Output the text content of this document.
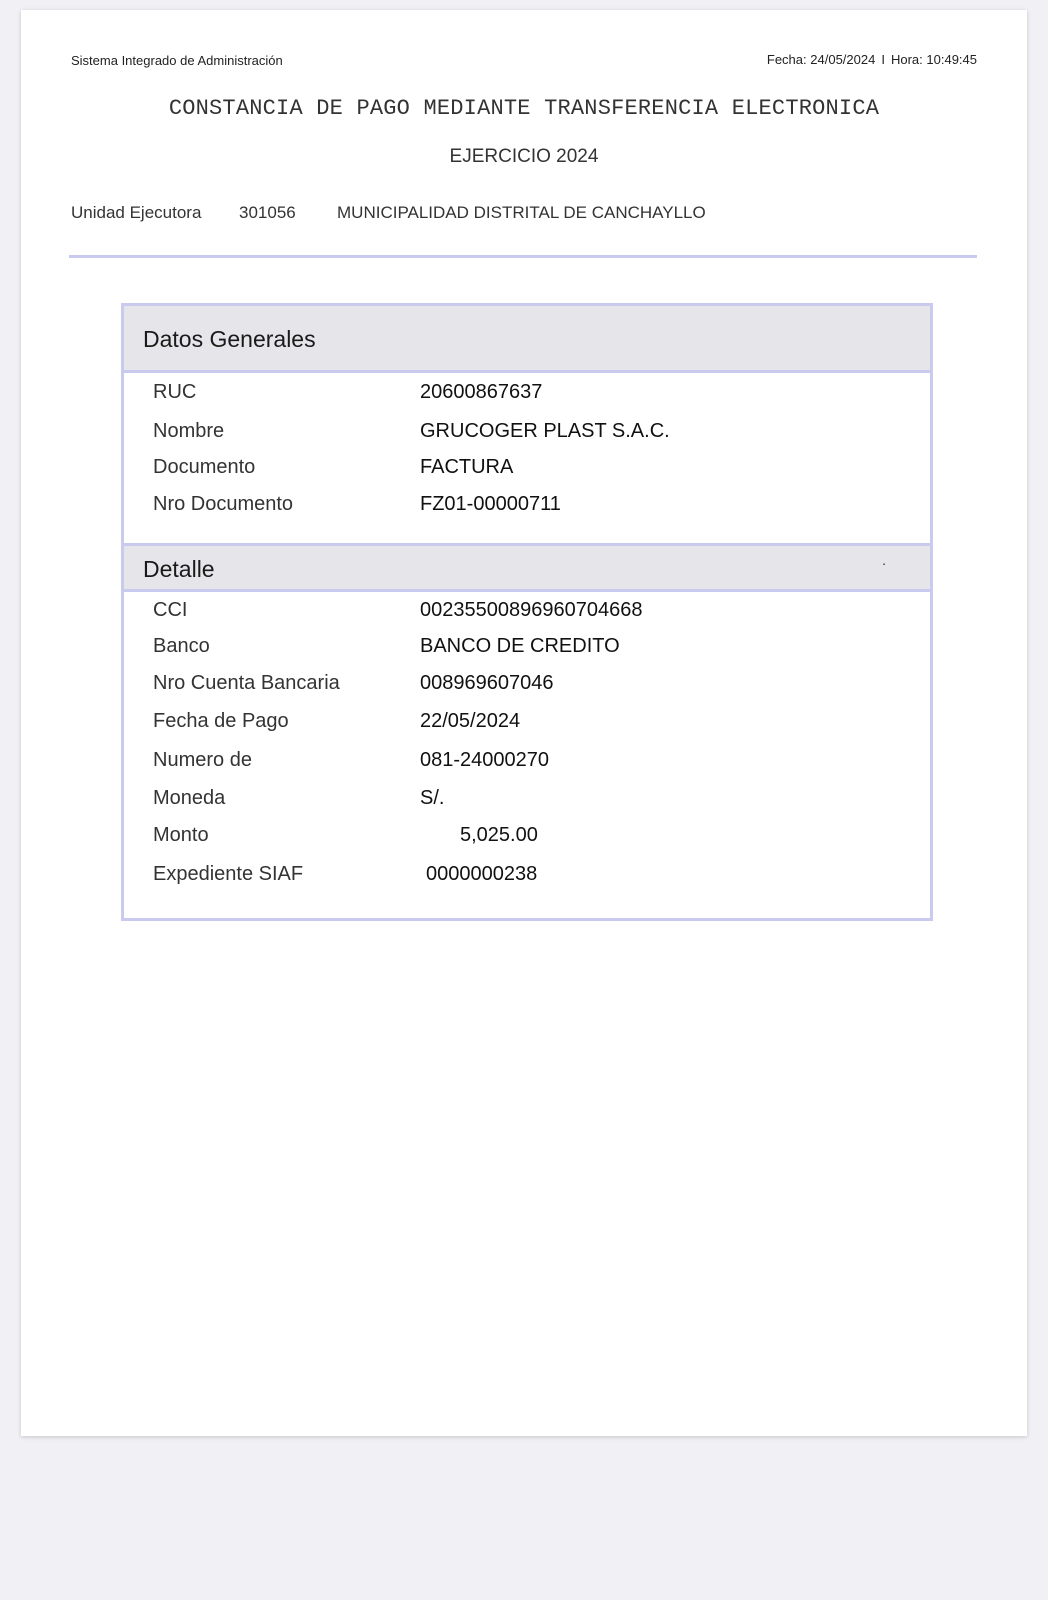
Sistema Integrado de Administración	Fecha: 24/05/2024 I Hora: 10:49:45
CONSTANCIA DE PAGO MEDIANTE TRANSFERENCIA ELECTRONICA
EJERCICIO 2024
Unidad Ejecutora 301056 MUNICIPALIDAD DISTRITAL DE CANCHAYLLO
Datos Generales
RUC	20600867637
Nombre	GRUCOGER PLAST S.A.C.
Documento	FACTURA
Nro Documento	FZ01-00000711
Detalle	.
CCI	00235500896960704668
Banco	BANCO DE CREDITO
Nro Cuenta Bancaria	008969607046
Fecha de Pago	22/05/2024
Numero de	081-24000270
Moneda	S/.
Monto	5,025.00
Expediente SIAF	0000000238
